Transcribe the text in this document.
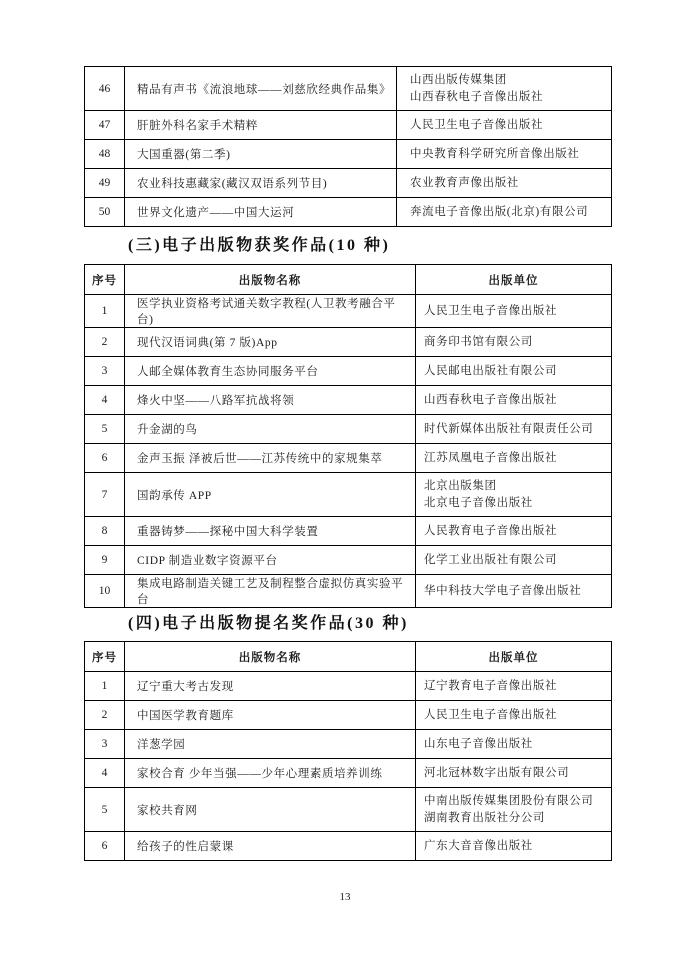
46	精品有声书《流浪地球——刘慈欣经典作品集》	山西出版传媒集团
山西春秋电子音像出版社

47	肝脏外科名家手术精粹	人民卫生电子音像出版社

48	大国重器(第二季)	中央教育科学研究所音像出版社

49	农业科技惠藏家(藏汉双语系列节目)	农业教育声像出版社

50	世界文化遗产——中国大运河	奔流电子音像出版(北京)有限公司
(三)电子出版物获奖作品(10 种)
序号	出版物名称	出版单位
1	医学执业资格考试通关数字教程(人卫教考融合平台)	人民卫生电子音像出版社

2	现代汉语词典(第 7 版)App	商务印书馆有限公司

3	人邮全媒体教育生态协同服务平台	人民邮电出版社有限公司

4	烽火中坚——八路军抗战将领	山西春秋电子音像出版社

5	升金湖的鸟	时代新媒体出版社有限责任公司

6	金声玉振 泽被后世——江苏传统中的家规集萃	江苏凤凰电子音像出版社

7	国韵承传 APP	北京出版集团
北京电子音像出版社

8	重器铸梦——探秘中国大科学装置	人民教育电子音像出版社

9	CIDP 制造业数字资源平台	化学工业出版社有限公司

10	集成电路制造关键工艺及制程整合虚拟仿真实验平台	华中科技大学电子音像出版社
(四)电子出版物提名奖作品(30 种)
序号	出版物名称	出版单位
1	辽宁重大考古发现	辽宁教育电子音像出版社

2	中国医学教育题库	人民卫生电子音像出版社

3	洋葱学园	山东电子音像出版社

4	家校合育 少年当强——少年心理素质培养训练	河北冠林数字出版有限公司

5	家校共育网	中南出版传媒集团股份有限公司
湖南教育出版社分公司

6	给孩子的性启蒙课	广东大音音像出版社
13
